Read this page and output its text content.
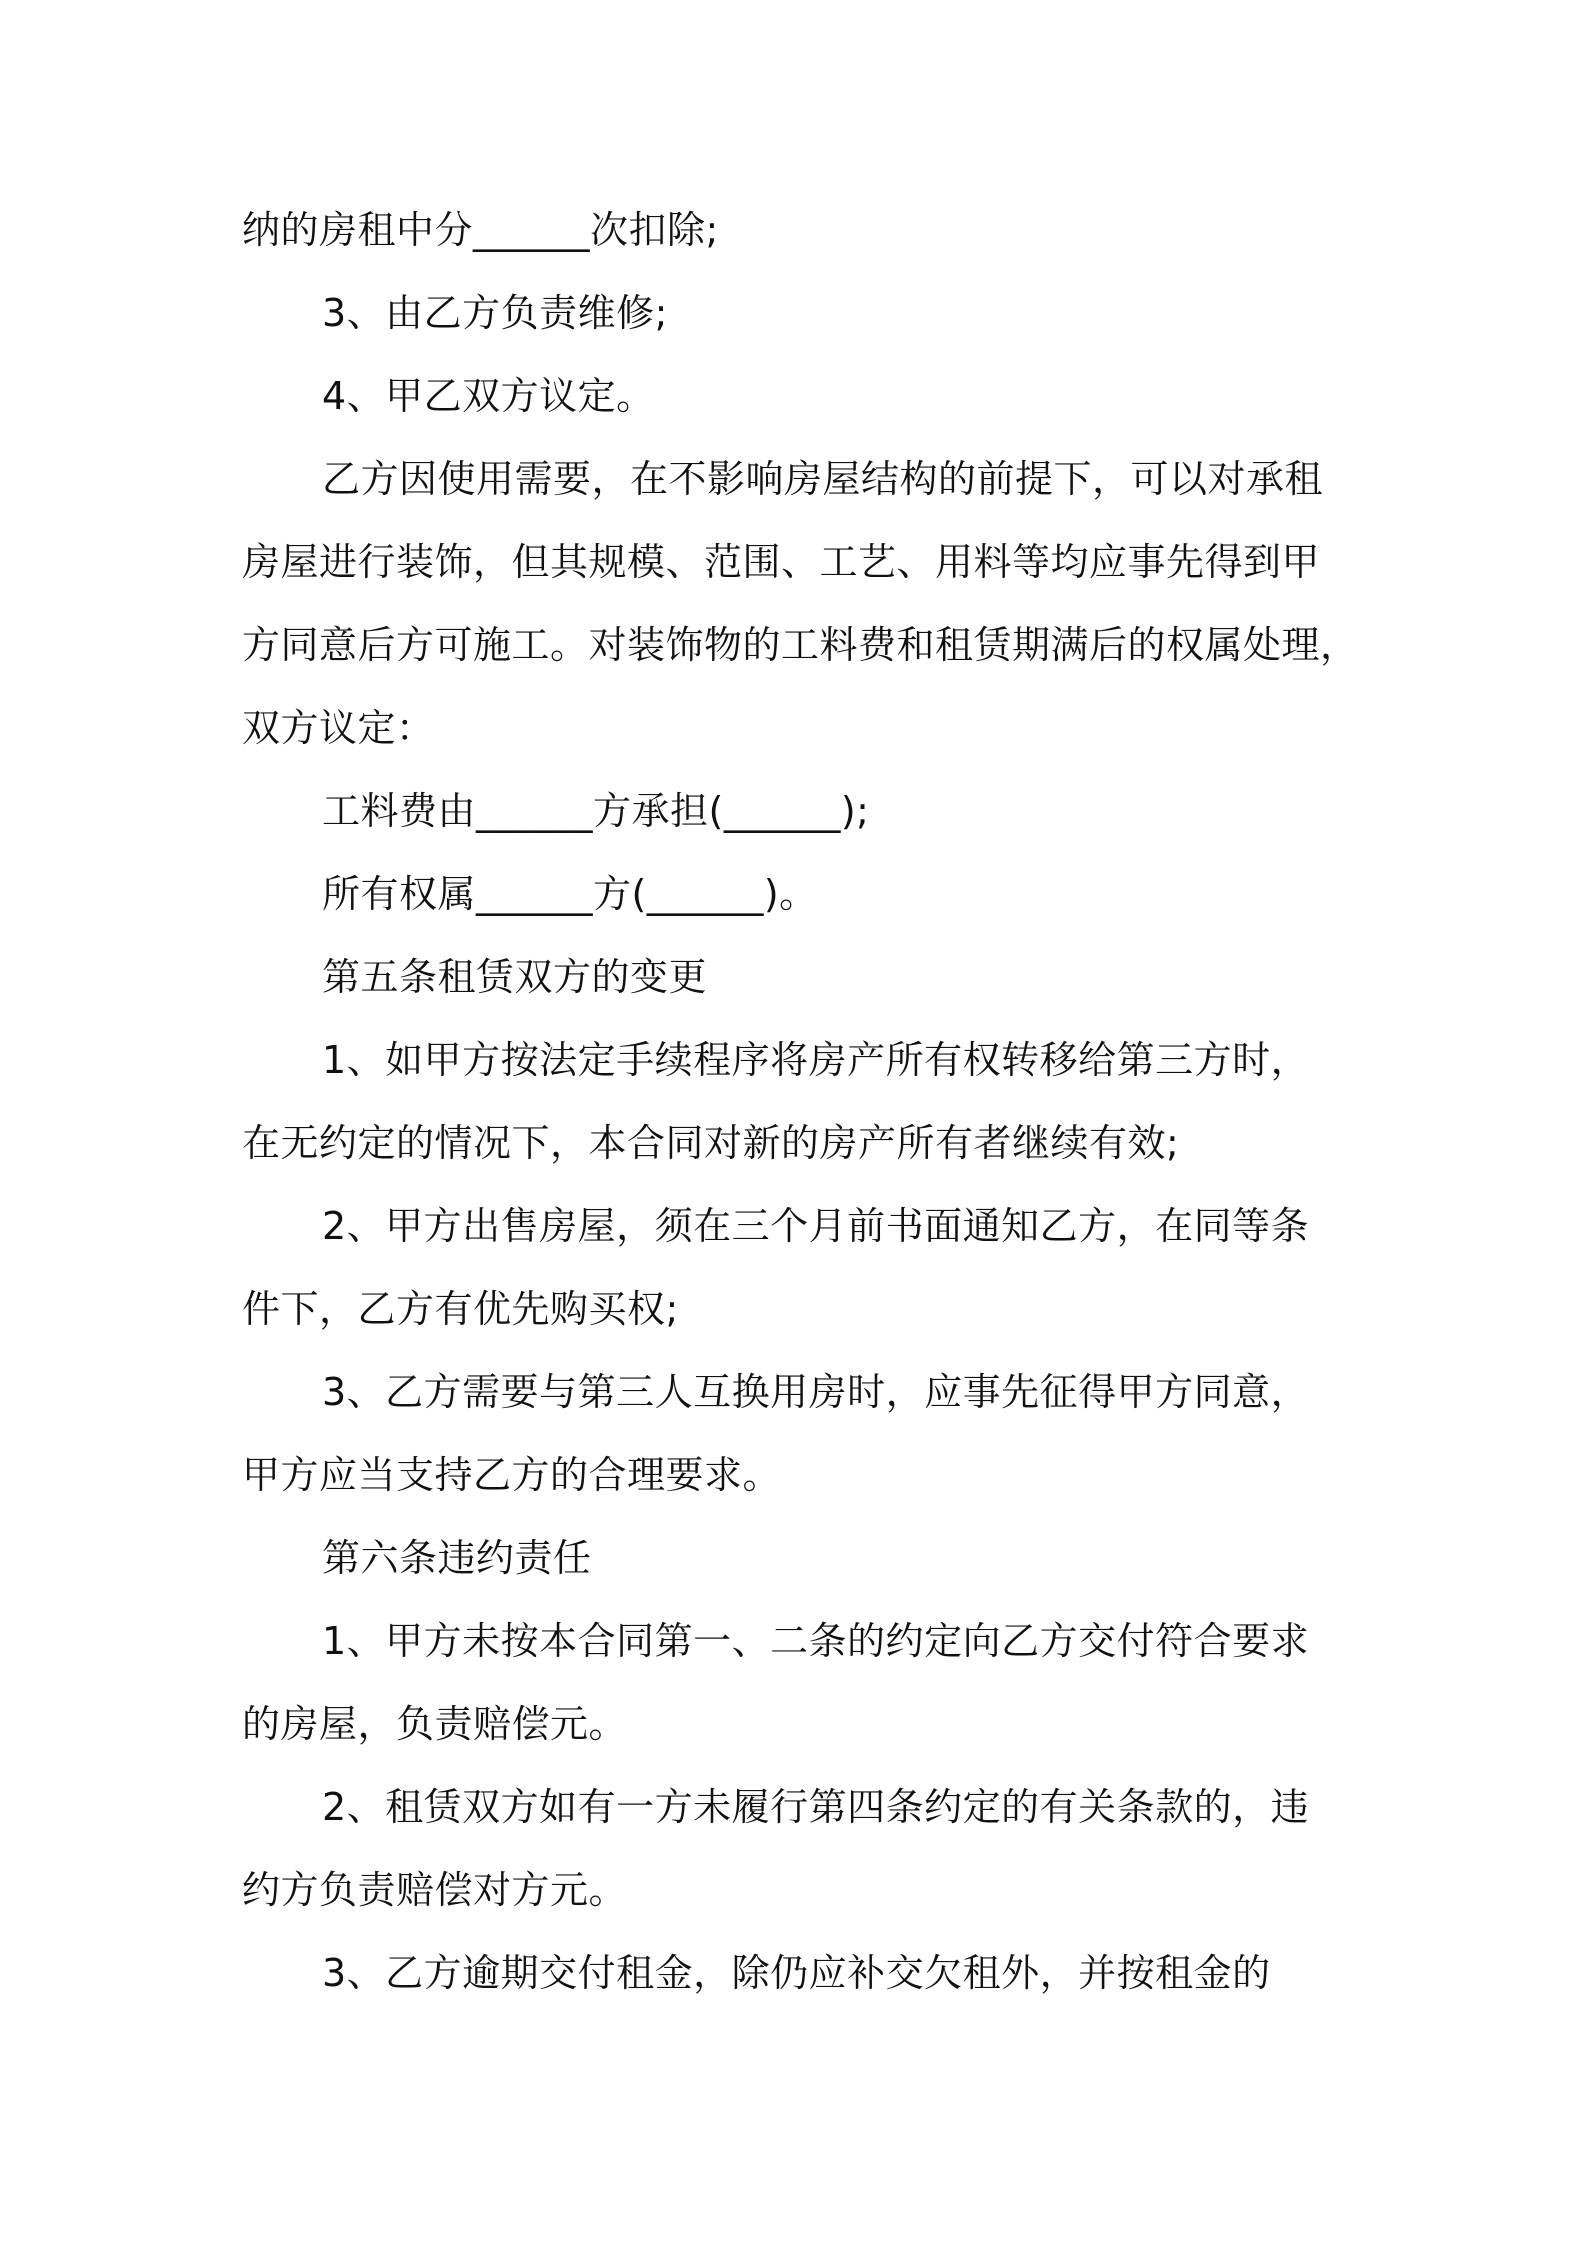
纳的房租中分______次扣除;
3、由乙方负责维修;
4、甲乙双方议定。
乙方因使用需要，在不影响房屋结构的前提下，可以对承租
房屋进行装饰，但其规模、范围、工艺、用料等均应事先得到甲
方同意后方可施工。对装饰物的工料费和租赁期满后的权属处理，
双方议定：
工料费由______方承担(______);
所有权属______方(______)。
第五条租赁双方的变更
1、如甲方按法定手续程序将房产所有权转移给第三方时，
在无约定的情况下，本合同对新的房产所有者继续有效;
2、甲方出售房屋，须在三个月前书面通知乙方，在同等条
件下，乙方有优先购买权;
3、乙方需要与第三人互换用房时，应事先征得甲方同意，
甲方应当支持乙方的合理要求。
第六条违约责任
1、甲方未按本合同第一、二条的约定向乙方交付符合要求
的房屋，负责赔偿元。
2、租赁双方如有一方未履行第四条约定的有关条款的，违
约方负责赔偿对方元。
3、乙方逾期交付租金，除仍应补交欠租外，并按租金的
